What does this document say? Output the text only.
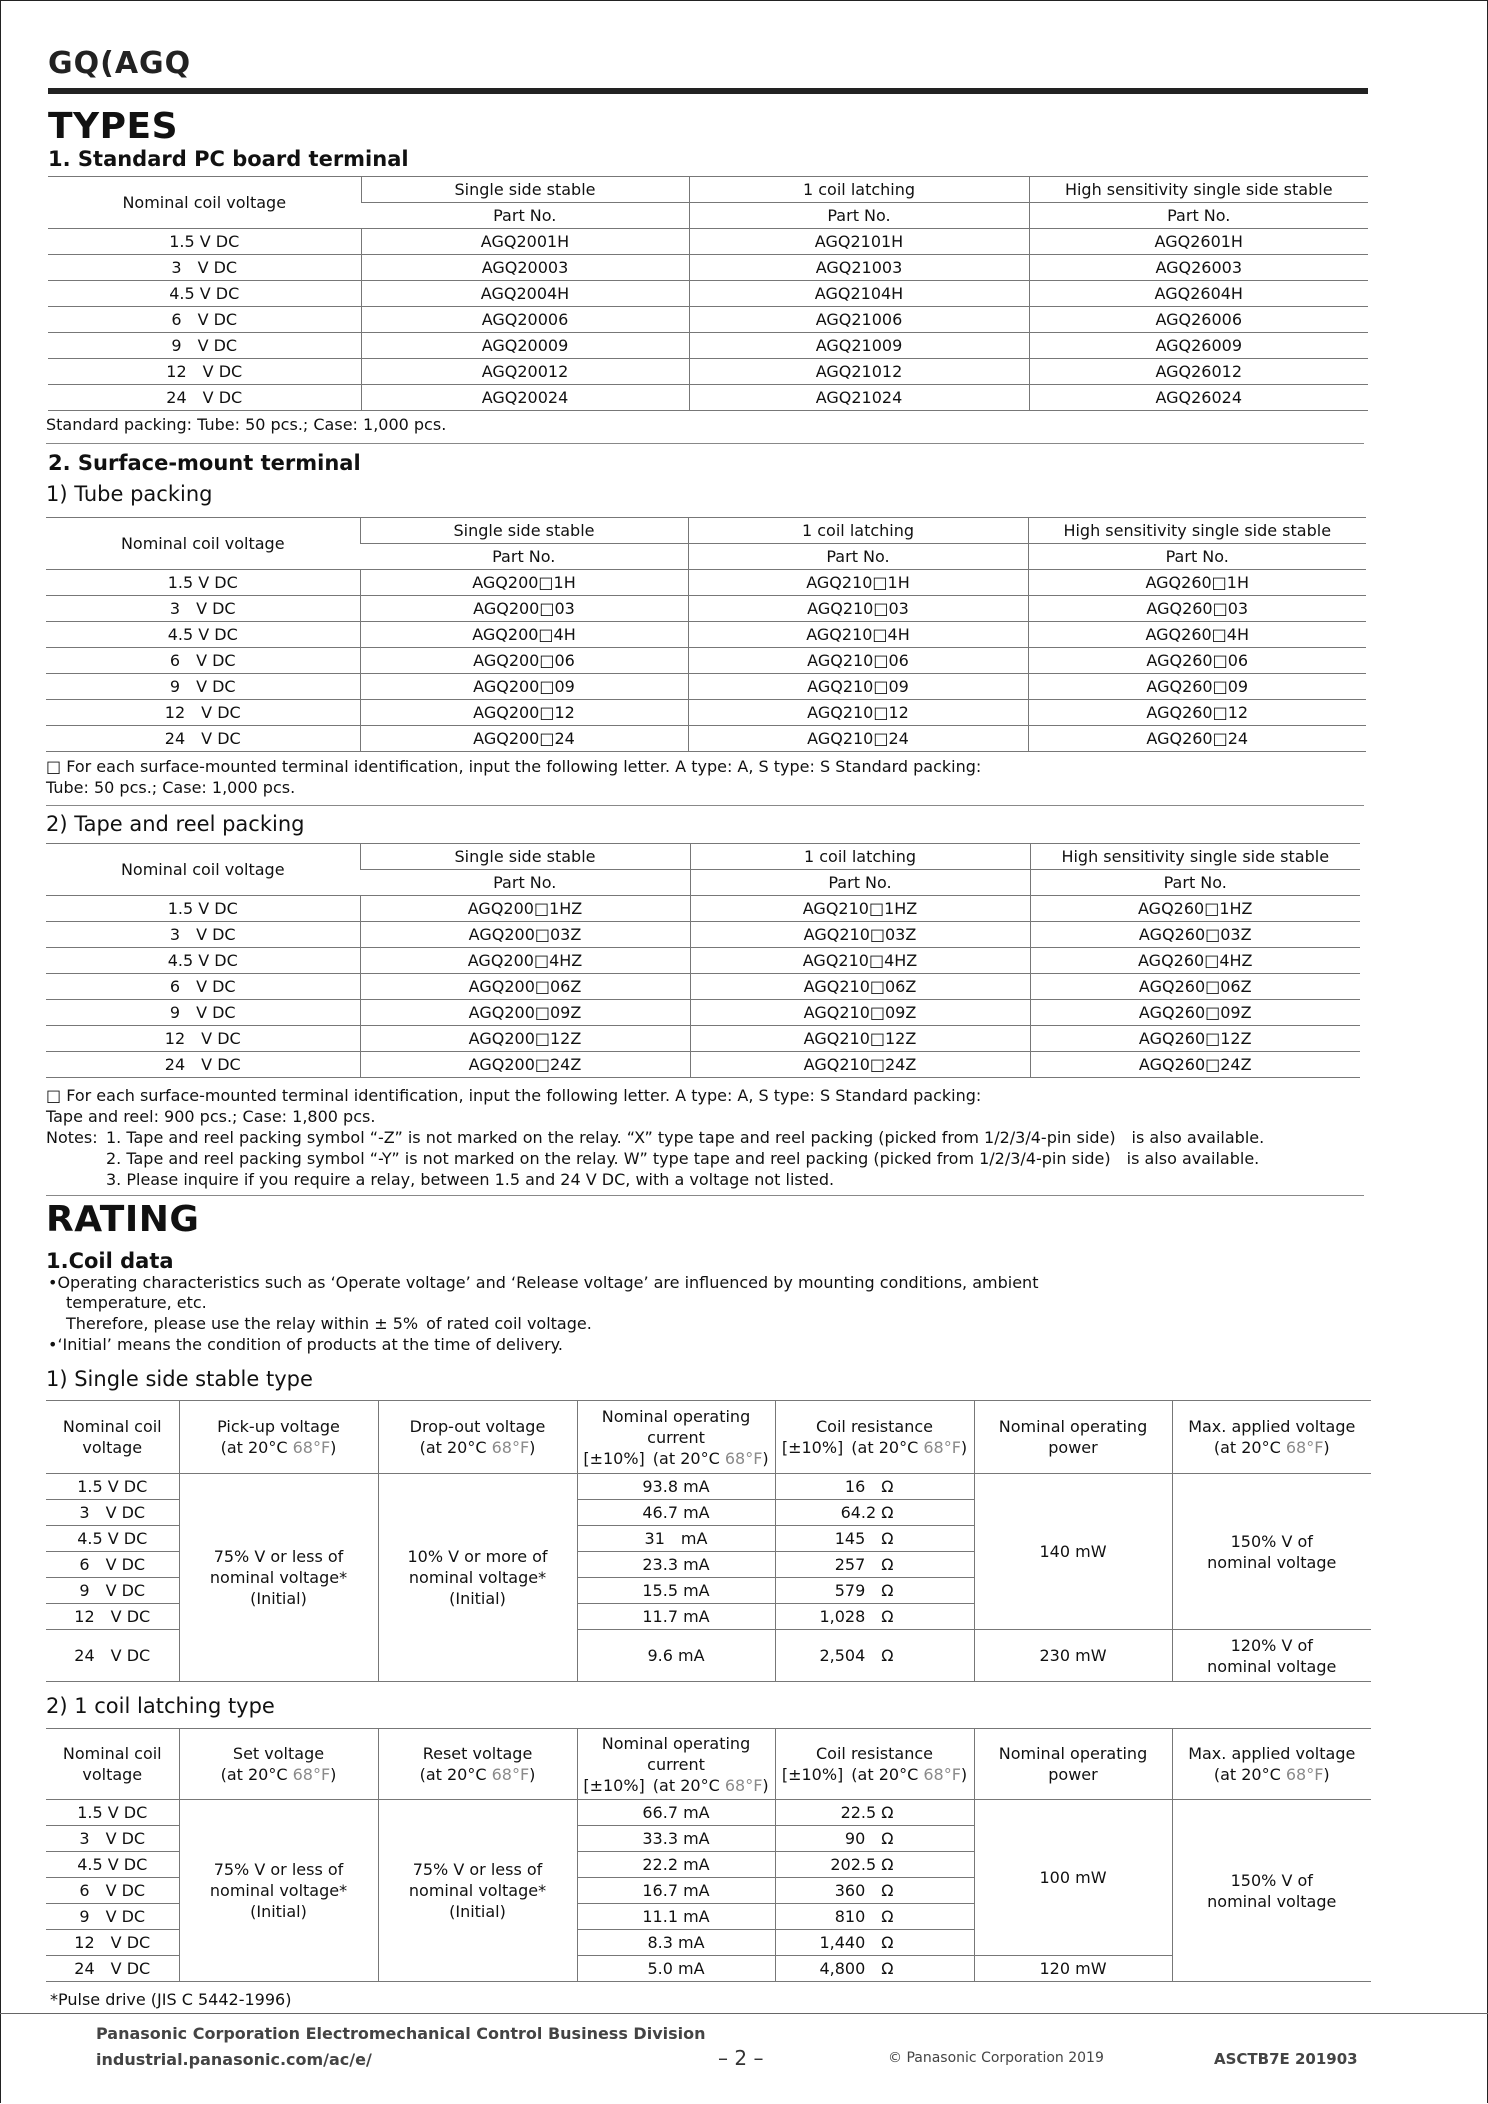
GQ(AGQ
TYPES
1. Standard PC board terminal
Nominal coil voltage	Single side stable	1 coil latching	High sensitivity single side stable
	Part No.	Part No.	Part No.
1.5 V DC	AGQ2001H	AGQ2101H	AGQ2601H
3 V DC	AGQ20003	AGQ21003	AGQ26003
4.5 V DC	AGQ2004H	AGQ2104H	AGQ2604H
6 V DC	AGQ20006	AGQ21006	AGQ26006
9 V DC	AGQ20009	AGQ21009	AGQ26009
12 V DC	AGQ20012	AGQ21012	AGQ26012
24 V DC	AGQ20024	AGQ21024	AGQ26024
Standard packing: Tube: 50 pcs.; Case: 1,000 pcs.
2. Surface-mount terminal
1) Tube packing
Nominal coil voltage	Single side stable	1 coil latching	High sensitivity single side stable
	Part No.	Part No.	Part No.
1.5 V DC	AGQ200□1H	AGQ210□1H	AGQ260□1H
3 V DC	AGQ200□03	AGQ210□03	AGQ260□03
4.5 V DC	AGQ200□4H	AGQ210□4H	AGQ260□4H
6 V DC	AGQ200□06	AGQ210□06	AGQ260□06
9 V DC	AGQ200□09	AGQ210□09	AGQ260□09
12 V DC	AGQ200□12	AGQ210□12	AGQ260□12
24 V DC	AGQ200□24	AGQ210□24	AGQ260□24
□ For each surface-mounted terminal identification, input the following letter. A type: A, S type: S Standard packing:
Tube: 50 pcs.; Case: 1,000 pcs.
2) Tape and reel packing
Nominal coil voltage	Single side stable	1 coil latching	High sensitivity single side stable
	Part No.	Part No.	Part No.
1.5 V DC	AGQ200□1HZ	AGQ210□1HZ	AGQ260□1HZ
3 V DC	AGQ200□03Z	AGQ210□03Z	AGQ260□03Z
4.5 V DC	AGQ200□4HZ	AGQ210□4HZ	AGQ260□4HZ
6 V DC	AGQ200□06Z	AGQ210□06Z	AGQ260□06Z
9 V DC	AGQ200□09Z	AGQ210□09Z	AGQ260□09Z
12 V DC	AGQ200□12Z	AGQ210□12Z	AGQ260□12Z
24 V DC	AGQ200□24Z	AGQ210□24Z	AGQ260□24Z
□ For each surface-mounted terminal identification, input the following letter. A type: A, S type: S Standard packing:
Tape and reel: 900 pcs.; Case: 1,800 pcs.
Notes: 1. Tape and reel packing symbol “-Z” is not marked on the relay. “X” type tape and reel packing (picked from 1/2/3/4-pin side) is also available.
2. Tape and reel packing symbol “-Y” is not marked on the relay. W” type tape and reel packing (picked from 1/2/3/4-pin side) is also available.
3. Please inquire if you require a relay, between 1.5 and 24 V DC, with a voltage not listed.
RATING
1.Coil data
•Operating characteristics such as ‘Operate voltage’ and ‘Release voltage’ are influenced by mounting conditions, ambient
temperature, etc.
Therefore, please use the relay within ± 5% of rated coil voltage.
•‘Initial’ means the condition of products at the time of delivery.
1) Single side stable type
Nominal coil
voltage	Pick-up voltage
(at 20°C 68°F)	Drop-out voltage
(at 20°C 68°F)	Nominal operating
current
[±10%] (at 20°C 68°F)	Coil resistance
[±10%] (at 20°C 68°F)	Nominal operating
power	Max. applied voltage
(at 20°C 68°F)
1.5 V DC	75% V or less of
nominal voltage*
(Initial)	10% V or more of
nominal voltage*
(Initial)	93.8 mA	16 Ω	140 mW	150% V of
nominal voltage
3 V DC			46.7 mA	64.2 Ω		
4.5 V DC			31 mA	145 Ω		
6 V DC			23.3 mA	257 Ω		
9 V DC			15.5 mA	579 Ω		
12 V DC			11.7 mA	1,028 Ω		
24 V DC			9.6 mA	2,504 Ω	230 mW	120% V of
nominal voltage
2) 1 coil latching type
Nominal coil
voltage	Set voltage
(at 20°C 68°F)	Reset voltage
(at 20°C 68°F)	Nominal operating
current
[±10%] (at 20°C 68°F)	Coil resistance
[±10%] (at 20°C 68°F)	Nominal operating
power	Max. applied voltage
(at 20°C 68°F)
1.5 V DC	75% V or less of
nominal voltage*
(Initial)	75% V or less of
nominal voltage*
(Initial)	66.7 mA	22.5 Ω	100 mW	150% V of
nominal voltage
3 V DC			33.3 mA	90 Ω		
4.5 V DC			22.2 mA	202.5 Ω		
6 V DC			16.7 mA	360 Ω		
9 V DC			11.1 mA	810 Ω		
12 V DC			8.3 mA	1,440 Ω		
24 V DC			5.0 mA	4,800 Ω	120 mW	
*Pulse drive (JIS C 5442-1996)
Panasonic Corporation Electromechanical Control Business Division
industrial.panasonic.com/ac/e/	– 2 –	© Panasonic Corporation 2019	ASCTB7E 201903
